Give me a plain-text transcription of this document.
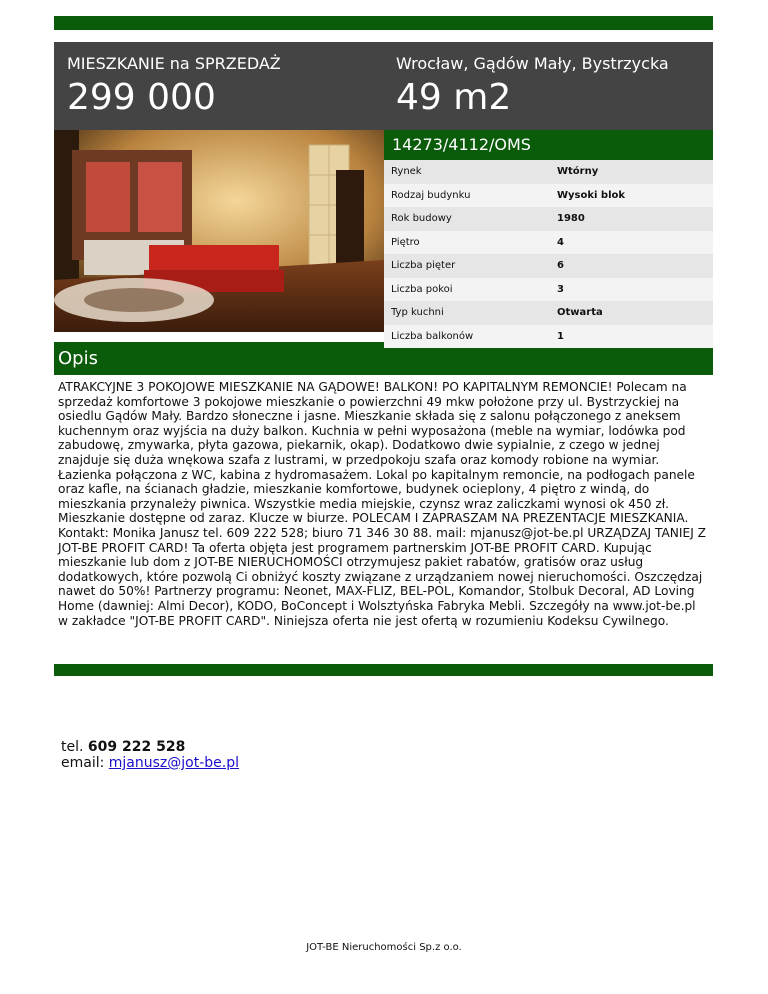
MIESZKANIE na SPRZEDAŻ
299 000
Wrocław, Gądów Mały, Bystrzycka
49 m2
14273/4112/OMS
Rynek	Wtórny
Rodzaj budynku	Wysoki blok
Rok budowy	1980
Piętro	4
Liczba pięter	6
Liczba pokoi	3
Typ kuchni	Otwarta
Liczba balkonów	1
Opis
ATRAKCYJNE 3 POKOJOWE MIESZKANIE NA GĄDOWE! BALKON! PO KAPITALNYM REMONCIE! Polecam na sprzedaż komfortowe 3 pokojowe mieszkanie o powierzchni 49 mkw położone przy ul. Bystrzyckiej na osiedlu Gądów Mały. Bardzo słoneczne i jasne. Mieszkanie składa się z salonu połączonego z aneksem kuchennym oraz wyjścia na duży balkon. Kuchnia w pełni wyposażona (meble na wymiar, lodówka pod zabudowę, zmywarka, płyta gazowa, piekarnik, okap). Dodatkowo dwie sypialnie, z czego w jednej znajduje się duża wnękowa szafa z lustrami, w przedpokoju szafa oraz komody robione na wymiar. Łazienka połączona z WC, kabina z hydromasażem. Lokal po kapitalnym remoncie, na podłogach panele oraz kafle, na ścianach gładzie, mieszkanie komfortowe, budynek ocieplony, 4 piętro z windą, do mieszkania przynależy piwnica. Wszystkie media miejskie, czynsz wraz zaliczkami wynosi ok 450 zł. Mieszkanie dostępne od zaraz. Klucze w biurze. POLECAM I ZAPRASZAM NA PREZENTACJE MIESZKANIA. Kontakt: Monika Janusz tel. 609 222 528; biuro 71 346 30 88. mail: mjanusz@jot-be.pl URZĄDZAJ TANIEJ Z JOT-BE PROFIT CARD! Ta oferta objęta jest programem partnerskim JOT-BE PROFIT CARD. Kupując mieszkanie lub dom z JOT-BE NIERUCHOMOŚCI otrzymujesz pakiet rabatów, gratisów oraz usług dodatkowych, które pozwolą Ci obniżyć koszty związane z urządzaniem nowej nieruchomości. Oszczędzaj nawet do 50%! Partnerzy programu: Neonet, MAX-FLIZ, BEL-POL, Komandor, Stolbuk Decoral, AD Loving Home (dawniej: Almi Decor), KODO, BoConcept i Wolsztyńska Fabryka Mebli. Szczegóły na www.jot-be.pl w zakładce "JOT-BE PROFIT CARD". Niniejsza oferta nie jest ofertą w rozumieniu Kodeksu Cywilnego.
tel. 609 222 528
email: mjanusz@jot-be.pl
JOT-BE Nieruchomości Sp.z o.o.
